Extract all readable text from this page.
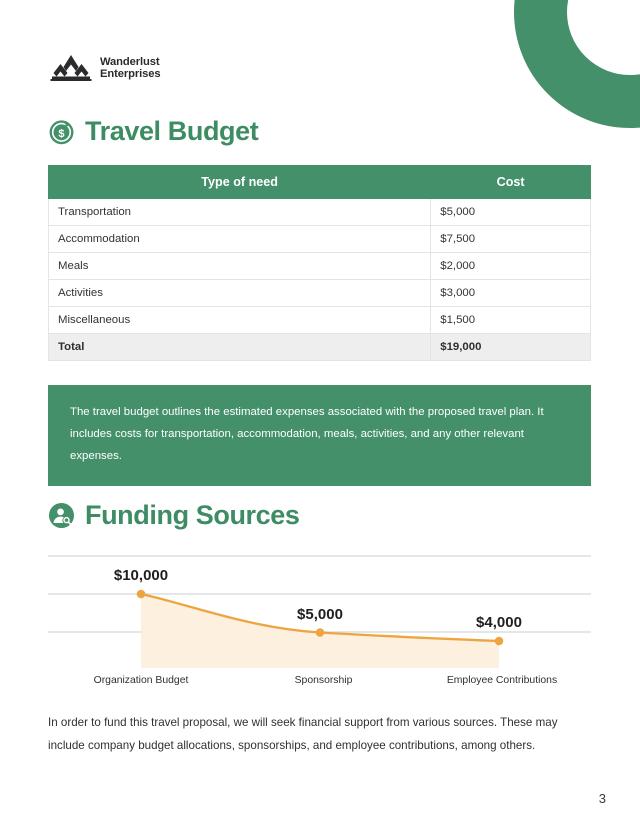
Wanderlust
Enterprises
$ Travel Budget
Type of need	Cost
Transportation	$5,000
Accommodation	$7,500
Meals	$2,000
Activities	$3,000
Miscellaneous	$1,500
Total	$19,000
The travel budget outlines the estimated expenses associated with the proposed travel plan. It includes costs for transportation, accommodation, meals, activities, and any other relevant expenses.
Funding Sources
$10,000
$5,000	$4,000
Organization Budget	Sponsorship	Employee Contributions
In order to fund this travel proposal, we will seek financial support from various sources. These may include company budget allocations, sponsorships, and employee contributions, among others.
3
